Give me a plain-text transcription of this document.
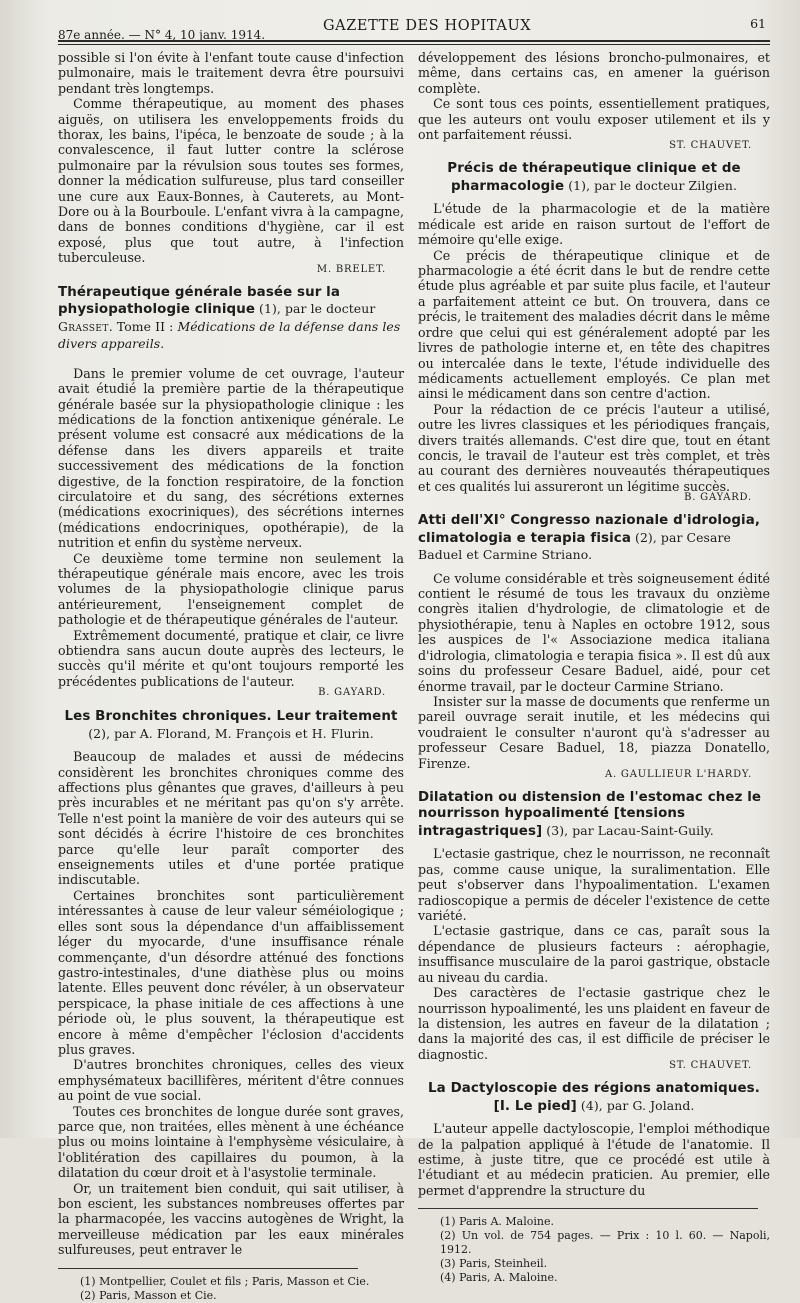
87e année. — N° 4, 10 janv. 1914.
GAZETTE DES HOPITAUX	61

possible si l'on évite à l'enfant toute cause d'infection pulmonaire, mais le traitement devra être poursuivi pendant très longtemps.

Comme thérapeutique, au moment des phases aiguës, on utilisera les enveloppements froids du thorax, les bains, l'ipéca, le benzoate de soude ; à la convalescence, il faut lutter contre la sclérose pulmonaire par la révulsion sous toutes ses formes, donner la médication sulfureuse, plus tard conseiller une cure aux Eaux-Bonnes, à Cauterets, au Mont-Dore ou à la Bourboule. L'enfant vivra à la campagne, dans de bonnes conditions d'hygiène, car il est exposé, plus que tout autre, à l'infection tuberculeuse.

M. BRELET.
Thérapeutique générale basée sur la physiopathologie clinique (1), par le docteur Grasset. Tome II : Médications de la défense dans les divers appareils.

Dans le premier volume de cet ouvrage, l'auteur avait étudié la première partie de la thérapeutique générale basée sur la physiopathologie clinique : les médications de la fonction antixenique générale. Le présent volume est consacré aux médications de la défense dans les divers appareils et traite successivement des médications de la fonction digestive, de la fonction respiratoire, de la fonction circulatoire et du sang, des sécrétions externes (médications exocriniques), des sécrétions internes (médications endocriniques, opothérapie), de la nutrition et enfin du système nerveux.

Ce deuxième tome termine non seulement la thérapeutique générale mais encore, avec les trois volumes de la physiopathologie clinique parus antérieurement, l'enseignement complet de pathologie et de thérapeutique générales de l'auteur.

Extrêmement documenté, pratique et clair, ce livre obtiendra sans aucun doute auprès des lecteurs, le succès qu'il mérite et qu'ont toujours remporté les précédentes publications de l'auteur.

B. GAYARD.
Les Bronchites chroniques. Leur traitement (2), par A. Florand, M. François et H. Flurin.

Beaucoup de malades et aussi de médecins considèrent les bronchites chroniques comme des affections plus gênantes que graves, d'ailleurs à peu près incurables et ne méritant pas qu'on s'y arrête. Telle n'est point la manière de voir des auteurs qui se sont décidés à écrire l'histoire de ces bronchites parce qu'elle leur paraît comporter des enseignements utiles et d'une portée pratique indiscutable.

Certaines bronchites sont particulièrement intéressantes à cause de leur valeur séméiologique ; elles sont sous la dépendance d'un affaiblissement léger du myocarde, d'une insuffisance rénale commençante, d'un désordre atténué des fonctions gastro-intestinales, d'une diathèse plus ou moins latente. Elles peuvent donc révéler, à un observateur perspicace, la phase initiale de ces affections à une période où, le plus souvent, la thérapeutique est encore à même d'empêcher l'éclosion d'accidents plus graves.

D'autres bronchites chroniques, celles des vieux emphysémateux bacillifères, méritent d'être connues au point de vue social.

Toutes ces bronchites de longue durée sont graves, parce que, non traitées, elles mènent à une échéance plus ou moins lointaine à l'emphysème vésiculaire, à l'oblitération des capillaires du poumon, à la dilatation du cœur droit et à l'asystolie terminale.

Or, un traitement bien conduit, qui sait utiliser, à bon escient, les substances nombreuses offertes par la pharmacopée, les vaccins autogènes de Wright, la merveilleuse médication par les eaux minérales sulfureuses, peut entraver le

(1) Montpellier, Coulet et fils ; Paris, Masson et Cie.

(2) Paris, Masson et Cie.

développement des lésions broncho-pulmonaires, et même, dans certains cas, en amener la guérison complète.

Ce sont tous ces points, essentiellement pratiques, que les auteurs ont voulu exposer utilement et ils y ont parfaitement réussi.

ST. CHAUVET.
Précis de thérapeutique clinique et de pharmacologie (1), par le docteur Zilgien.

L'étude de la pharmacologie et de la matière médicale est aride en raison surtout de l'effort de mémoire qu'elle exige.

Ce précis de thérapeutique clinique et de pharmacologie a été écrit dans le but de rendre cette étude plus agréable et par suite plus facile, et l'auteur a parfaitement atteint ce but. On trouvera, dans ce précis, le traitement des maladies décrit dans le même ordre que celui qui est généralement adopté par les livres de pathologie interne et, en tête des chapitres ou intercalée dans le texte, l'étude individuelle des médicaments actuellement employés. Ce plan met ainsi le médicament dans son centre d'action.

Pour la rédaction de ce précis l'auteur a utilisé, outre les livres classiques et les périodiques français, divers traités allemands. C'est dire que, tout en étant concis, le travail de l'auteur est très complet, et très au courant des dernières nouveautés thérapeutiques et ces qualités lui assureront un légitime succès.

B. GAYARD.
Atti dell'XI° Congresso nazionale d'idrologia, climatologia e terapia fisica (2), par Cesare Baduel et Carmine Striano.

Ce volume considérable et très soigneusement édité contient le résumé de tous les travaux du onzième congrès italien d'hydrologie, de climatologie et de physiothérapie, tenu à Naples en octobre 1912, sous les auspices de l'« Associazione medica italiana d'idrologia, climatologia e terapia fisica ». Il est dû aux soins du professeur Cesare Baduel, aidé, pour cet énorme travail, par le docteur Carmine Striano.

Insister sur la masse de documents que renferme un pareil ouvrage serait inutile, et les médecins qui voudraient le consulter n'auront qu'à s'adresser au professeur Cesare Baduel, 18, piazza Donatello, Firenze.

A. GAULLIEUR L'HARDY.
Dilatation ou distension de l'estomac chez le nourrisson hypoalimenté [tensions intragastriques] (3), par Lacau-Saint-Guily.

L'ectasie gastrique, chez le nourrisson, ne reconnaît pas, comme cause unique, la suralimentation. Elle peut s'observer dans l'hypoalimentation. L'examen radioscopique a permis de déceler l'existence de cette variété.

L'ectasie gastrique, dans ce cas, paraît sous la dépendance de plusieurs facteurs : aérophagie, insuffisance musculaire de la paroi gastrique, obstacle au niveau du cardia.

Des caractères de l'ectasie gastrique chez le nourrisson hypoalimenté, les uns plaident en faveur de la distension, les autres en faveur de la dilatation ; dans la majorité des cas, il est difficile de préciser le diagnostic.

ST. CHAUVET.
La Dactyloscopie des régions anatomiques.
[I. Le pied] (4), par G. Joland.

L'auteur appelle dactyloscopie, l'emploi méthodique de la palpation appliqué à l'étude de l'anatomie. Il estime, à juste titre, que ce procédé est utile à l'étudiant et au médecin praticien. Au premier, elle permet d'apprendre la structure du

(1) Paris A. Maloine.

(2) Un vol. de 754 pages. — Prix : 10 l. 60. — Napoli, 1912.

(3) Paris, Steinheil.

(4) Paris, A. Maloine.
